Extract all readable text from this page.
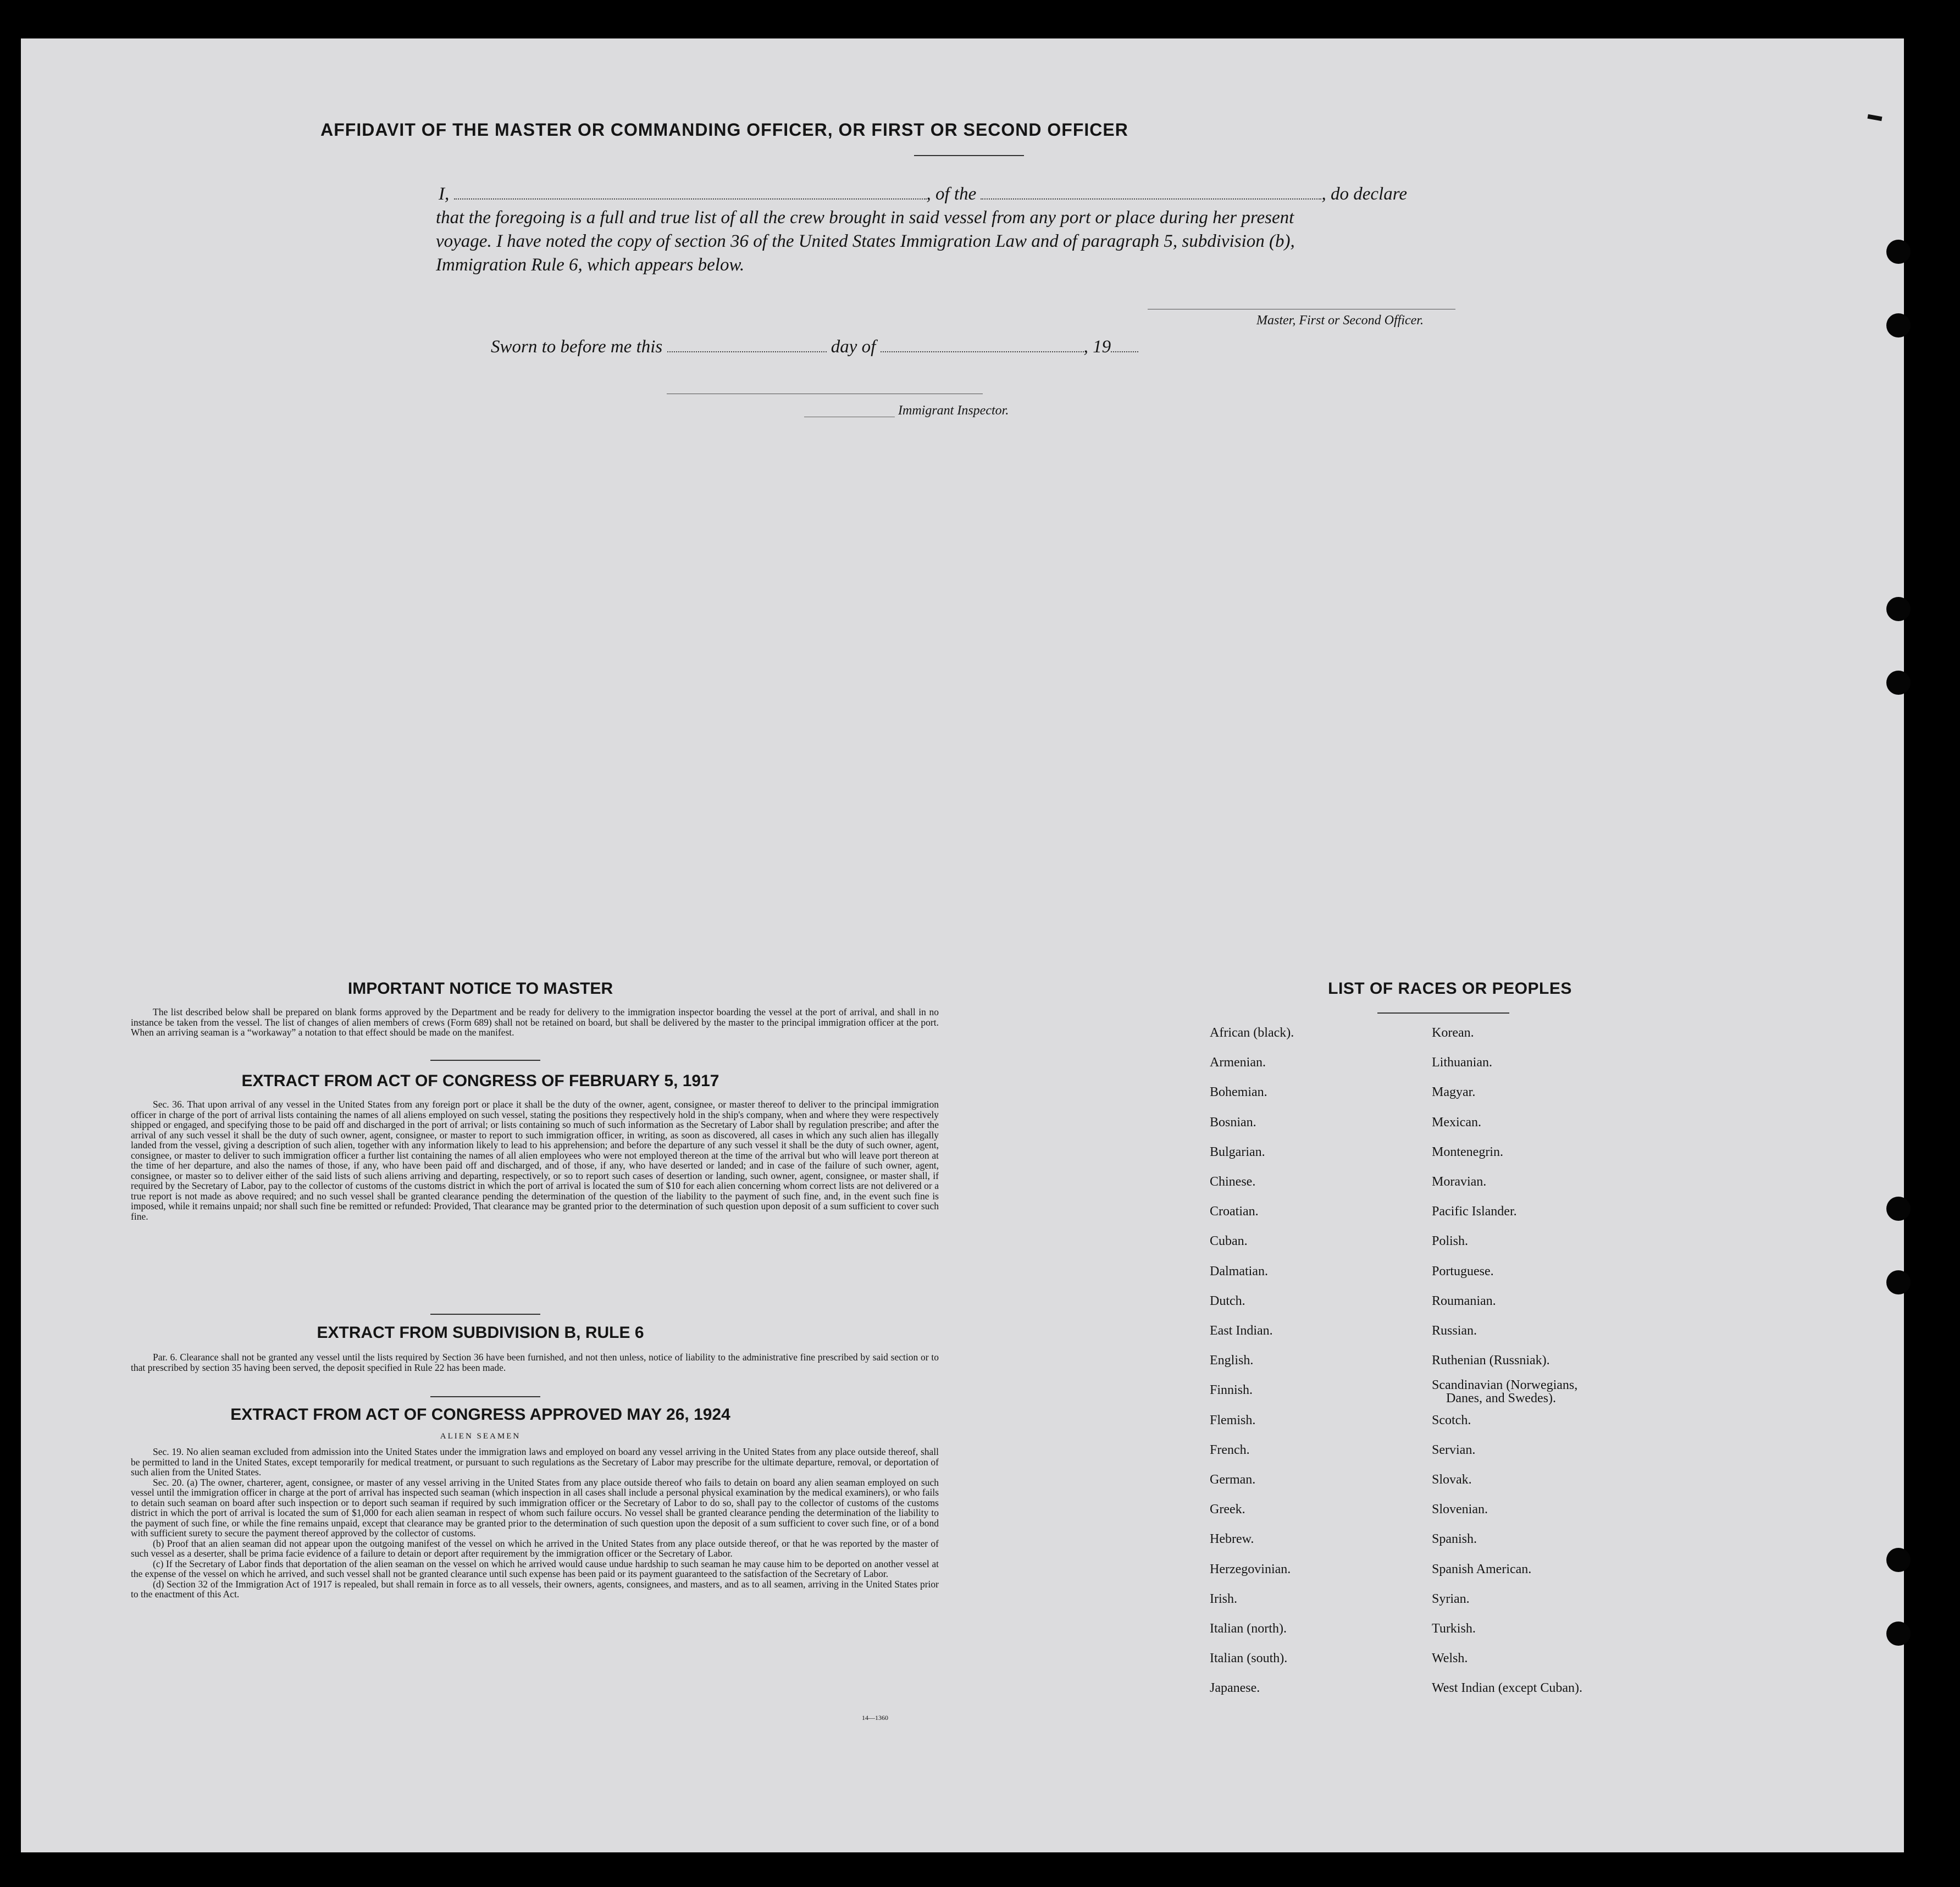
AFFIDAVIT OF THE MASTER OR COMMANDING OFFICER, OR FIRST OR SECOND OFFICER
I,	, of the	, do declare
that the foregoing is a full and true list of all the crew brought in said vessel from any port or place during her present
voyage. I have noted the copy of section 36 of the United States Immigration Law and of paragraph 5, subdivision (b),
Immigration Rule 6, which appears below.
Master, First or Second Officer.
Sworn to before me this	day of	, 19
Immigrant Inspector.
IMPORTANT NOTICE TO MASTER

The list described below shall be prepared on blank forms approved by the Department and be ready for delivery to the immigration inspector boarding the vessel at the port of arrival, and shall in no instance be taken from the vessel. The list of changes of alien members of crews (Form 689) shall not be retained on board, but shall be delivered by the master to the principal immigration officer at the port. When an arriving seaman is a “workaway” a notation to that effect should be made on the manifest.

EXTRACT FROM ACT OF CONGRESS OF FEBRUARY 5, 1917

Sec. 36. That upon arrival of any vessel in the United States from any foreign port or place it shall be the duty of the owner, agent, consignee, or master thereof to deliver to the principal immigration officer in charge of the port of arrival lists containing the names of all aliens employed on such vessel, stating the positions they respectively hold in the ship's company, when and where they were respectively shipped or engaged, and specifying those to be paid off and discharged in the port of arrival; or lists containing so much of such information as the Secretary of Labor shall by regulation prescribe; and after the arrival of any such vessel it shall be the duty of such owner, agent, consignee, or master to report to such immigration officer, in writing, as soon as discovered, all cases in which any such alien has illegally landed from the vessel, giving a description of such alien, together with any information likely to lead to his apprehension; and before the departure of any such vessel it shall be the duty of such owner, agent, consignee, or master to deliver to such immigration officer a further list containing the names of all alien employees who were not employed thereon at the time of the arrival but who will leave port thereon at the time of her departure, and also the names of those, if any, who have been paid off and discharged, and of those, if any, who have deserted or landed; and in case of the failure of such owner, agent, consignee, or master so to deliver either of the said lists of such aliens arriving and departing, respectively, or so to report such cases of desertion or landing, such owner, agent, consignee, or master shall, if required by the Secretary of Labor, pay to the collector of customs of the customs district in which the port of arrival is located the sum of $10 for each alien concerning whom correct lists are not delivered or a true report is not made as above required; and no such vessel shall be granted clearance pending the determination of the question of the liability to the payment of such fine, and, in the event such fine is imposed, while it remains unpaid; nor shall such fine be remitted or refunded: Provided, That clearance may be granted prior to the determination of such question upon deposit of a sum sufficient to cover such fine.

EXTRACT FROM SUBDIVISION B, RULE 6

Par. 6. Clearance shall not be granted any vessel until the lists required by Section 36 have been furnished, and not then unless, notice of liability to the administrative fine prescribed by said section or to that prescribed by section 35 having been served, the deposit specified in Rule 22 has been made.

EXTRACT FROM ACT OF CONGRESS APPROVED MAY 26, 1924
ALIEN SEAMEN

Sec. 19. No alien seaman excluded from admission into the United States under the immigration laws and employed on board any vessel arriving in the United States from any place outside thereof, shall be permitted to land in the United States, except temporarily for medical treatment, or pursuant to such regulations as the Secretary of Labor may prescribe for the ultimate departure, removal, or deportation of such alien from the United States.

Sec. 20. (a) The owner, charterer, agent, consignee, or master of any vessel arriving in the United States from any place outside thereof who fails to detain on board any alien seaman employed on such vessel until the immigration officer in charge at the port of arrival has inspected such seaman (which inspection in all cases shall include a personal physical examination by the medical examiners), or who fails to detain such seaman on board after such inspection or to deport such seaman if required by such immigration officer or the Secretary of Labor to do so, shall pay to the collector of customs of the customs district in which the port of arrival is located the sum of $1,000 for each alien seaman in respect of whom such failure occurs. No vessel shall be granted clearance pending the determination of the liability to the payment of such fine, or while the fine remains unpaid, except that clearance may be granted prior to the determination of such question upon the deposit of a sum sufficient to cover such fine, or of a bond with sufficient surety to secure the payment thereof approved by the collector of customs.

(b) Proof that an alien seaman did not appear upon the outgoing manifest of the vessel on which he arrived in the United States from any place outside thereof, or that he was reported by the master of such vessel as a deserter, shall be prima facie evidence of a failure to detain or deport after requirement by the immigration officer or the Secretary of Labor.

(c) If the Secretary of Labor finds that deportation of the alien seaman on the vessel on which he arrived would cause undue hardship to such seaman he may cause him to be deported on another vessel at the expense of the vessel on which he arrived, and such vessel shall not be granted clearance until such expense has been paid or its payment guaranteed to the satisfaction of the Secretary of Labor.

(d) Section 32 of the Immigration Act of 1917 is repealed, but shall remain in force as to all vessels, their owners, agents, consignees, and masters, and as to all seamen, arriving in the United States prior to the enactment of this Act.

14—1360
LIST OF RACES OR PEOPLES
African (black).
Armenian.
Bohemian.
Bosnian.
Bulgarian.
Chinese.
Croatian.
Cuban.
Dalmatian.
Dutch.
East Indian.
English.
Finnish.
Flemish.
French.
German.
Greek.
Hebrew.
Herzegovinian.
Irish.
Italian (north).
Italian (south).
Japanese.
Korean.
Lithuanian.
Magyar.
Mexican.
Montenegrin.
Moravian.
Pacific Islander.
Polish.
Portuguese.
Roumanian.
Russian.
Ruthenian (Russniak).
Scandinavian (Norwegians,
Danes, and Swedes).
Scotch.
Servian.
Slovak.
Slovenian.
Spanish.
Spanish American.
Syrian.
Turkish.
Welsh.
West Indian (except Cuban).
